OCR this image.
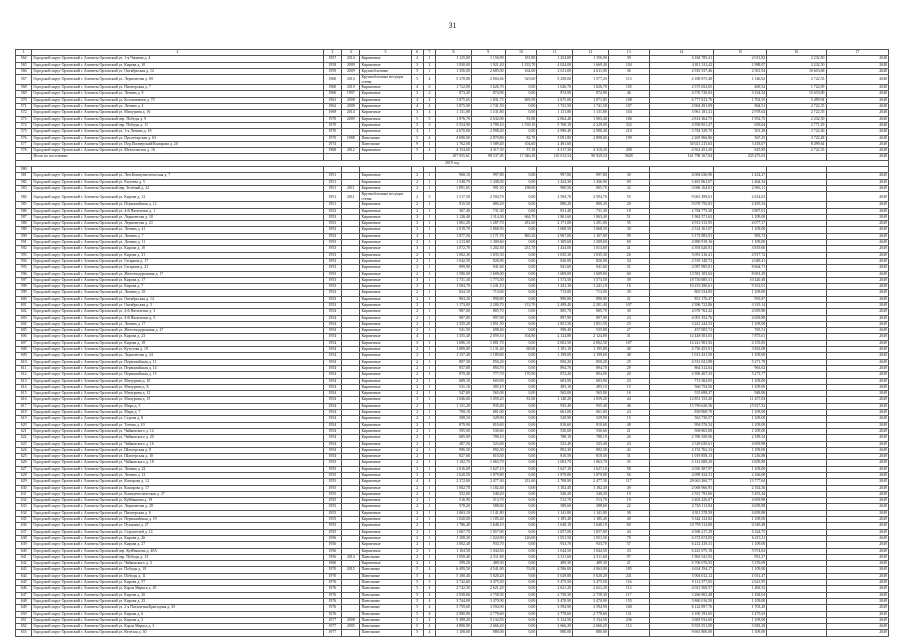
31
1	2	3	4	5	6	7	8	9	10	11	12	13	14	15	16	17
564	Городской округ Орловский г. Апатиты Орловский ул. 1-я Чапаева д. 4	1957	2014	Кирпичные	4	1	1 125,00	1 156,90	181,80	1 254,00	1 156,90	39	4 184 785,41	2 013,82	2 232,50	2048
565	Городской округ Орловский г. Апатиты Орловский ул. Кирова д. 10	1958	2009	Кирпичные	3	2	1 830,00	1 921,20	1 233,70	4 024,00	1 669,40	104	4 011 311,42	1 988,07	2 232,50	2048
566	Городской округ Орловский г. Апатиты Орловский ул. Октябрьская д. 12	1959	2009	Крупноблочные	5	1	1 356,00	2 685,00	164,00	2 611,00	2 611,00	36	2 910 537,46	2 561,94	10 603,68	2048
567	Городской округ Орловский г. Апатиты Орловский ул. Лермонтова д. 69	1960	2014	Крупноблочные несущие стены	5	4	5 378,80	2 004,46	525,60	5 258,00	1 577,20	113	4 188 875,48	1 146,02	2 722,35	2048
568	Городской округ Орловский г. Апатиты Орловский ул. Пионерская д. 7	1960	2010	Кирпичные	4	6	1 722,00	1 626,70	0,00	1 626,70	1 626,70	105	2 575 652,65	469,52	1 722,09	2048
569	Городской округ Орловский г. Апатиты Орловский ул. Ленина д. 8	1960	1997	Кирпичные	3	2	873,20	874,90	0,00	874,90	874,90	46	4 576 720,63	3 234,54	15 633,00	2048
570	Городской округ Орловский г. Апатиты Орловский ул. Космонавтов д. 75	1961	2008	Кирпичные	4	4	1 875,65	1 831,75	695,58	2 675,00	1 871,85	108	6 777 813,70	1 702,55	5 499,94	2048
571	Городской округ Орловский г. Апатиты Орловский ул. Ленина д. 4	1962	2009	Кирпичные	4	4	1 875,00	1 741,50	0,00	1 741,50	1 741,50	107	4 964 491,09	964,51	2 722,35	2048
572	Городской округ Орловский г. Апатиты Орловский ул. Мичурина д. 16	1969	2014	Кирпичные	3	4	1 131,80	1 131,80	0,00	1 131,80	1 131,80	104	3 961 181,41	2 978,64	2 722,35	2048
573	Городской округ Орловский г. Апатиты Орловский пер. Победы д. 9	1970	2009	Кирпичные	5	5	1 976,70	2 632,00	81,80	2 064,40	1 903,40	106	4 814 364,75	1 952,75	2 232,50	2048
574	Городской округ Орловский г. Апатиты Орловский пер. Победы д. 11	1970		Кирпичные	5	3	3 554,90	3 789,10	1 539,10	5 768,10	4 229,00	332	4 958 851,47	659,64	2 771,29	2048
575	Городской округ Орловский г. Апатиты Орловский ул. 1-я Ленина д. 18	1970		Кирпичные	4	1	4 670,00	2 998,40	0,00	2 998,40	2 998,40	210	3 784 329,70	501,28	3 722,46	2048
576	Городской округ Орловский г. Апатиты Орловский ул. Пролетарская д. 63	1970	1988	Панельные	5	4	4 690,00	2 879,80	82,70	3 091,80	2 898,00	199	2 265 966,86	567,25	3 722,28	2048
577	Городской округ Орловский г. Апатиты Орловский ул. Пер.Пионерский/Комарова д. 20	1974		Панельные	9	1	1 762,00	1 589,40	104,60	2 491,60			54 021 215,63	3 418,07	8 499,64	2048
578	Городской округ Орловский г. Апатиты Орловский ул. Металлистов д. 16	1968	2012	Кирпичные	5	4	4 154,60	4 317,30	37,10	4 317,30	4 310,20	208	4 561 451,20	625,85	2 722,35	2048
	Итого по поселению						107 955,61	98 537,05	17 046,38	110 013,54	90 929,54	5828	161 798 167,84	235 475,03		2048
2019 год																
580																
581	Городской округ Орловский г. Апатиты Орловский ул. Лен.Коммунистическая д. 7	1951		Кирпичные	2	1	968,10	997,80	0,00	997,80	997,80	30	4 084 636,90	1 414,27		2049
582	Городской округ Орловский г. Апатиты Орловский ул. Рылеева д. 5	1951		Кирпичные	2	1	1 548,70	1 438,30	0,00	1 424,30	1 436,90	69	3 481 861,07	1 464,34		2049
583	Городской округ Орловский г. Апатиты Орловский пер. Зелёный д. 22	1951	2011	Кирпичные	2	1	1 091,65	901,50	198,00	900,50	905,70	32	3 066 164,01	2 963,11		2049
584	Городской округ Орловский г. Апатиты Орловский ул. Кирова д. 12	1951	2011	Крупноблочные несущие стены	2	5	1 517,50	2 594,70	0,00	2 594,70	2 594,70	55	9 061 499,61	2 614,02		2049
585	Городской округ Орловский г. Апатиты Орловский ул. Первомайская д. 12	1951		Кирпичные	2	1	915,50	880,20	0,00	880,20	880,20	29	9 078 750,81	4 495,54		2049
586	Городской округ Орловский г. Апатиты Орловский ул. 4-й Пятилетки д. 1	1952		Кирпичные	2	1	367,40	731,30	0,00	831,40	731,30	18	2 784 775,30	3 807,01		2049
587	Городской округ Орловский г. Апатиты Орловский ул. Лермонтова д. 10	1953		Кирпичные	3	1	1 126,40	1 114,30	664,70	1 861,60	1 063,40	51	1 962 571,63	1 109,00		2049
588	Городской округ Орловский г. Апатиты Орловский ул. Лермонтова д. 21	1953		Кирпичные	3	1	1 061,20	1 287,70	431,60	2 171,00	1 291,00	35	4 913 313,95	4 077,17		2049
589	Городской округ Орловский г. Апатиты Орловский ул. Ленина д. 41	1953		Кирпичные	3	1	1 019,70	1 068,50	0,00	1 068,50	1 068,50	30	2 514 161,07	1 109,00		2049
590	Городской округ Орловский г. Апатиты Орловский ул. Ленина д. 7	1953		Кирпичные	4	1	1 877,50	1 171,70	865,20	2 967,00	1 107,00	99	5 173 883,91	983,73		2049
591	Городской округ Орловский г. Апатиты Орловский ул. Ленина д. 11	1953		Кирпичные	3	1	1 213,80	1 309,60	0,00	1 309,60	1 309,60	69	4 990 919,16	1 109,00		2049
592	Городской округ Орловский г. Апатиты Орловский ул. Кирова д. 10	1953		Кирпичные	3	1	1 072,70	1 202,30	231,70	1 434,00	1 013,60	41	4 393 620,81	3 819,66		2049
593	Городской округ Орловский г. Апатиты Орловский ул. Кирова д. 31	1953		Кирпичные	2	1	1 002,30	1 035,30	0,00	1 035,30	1 035,30	26	5 091 216,41	4 917,72		2049
594	Городской округ Орловский г. Апатиты Орловский ул. Гагарина д. 17	1953		Кирпичные	2	1	1 042,50	826,90	0,00	826,90	826,90	34	2 519 140,72	2 649,41		2049
595	Городской округ Орловский г. Апатиты Орловский ул. Гагарина д. 21	1953		Кирпичные	2	1	899,90	941,60	0,00	941,60	941,60	31	2 087 895,01	8 664,71		2049
596	Городской округ Орловский г. Апатиты Орловский ул. Железнодорожная д. 17	1953		Кирпичные	2	1	1 580,00	1 609,00	0,00	1 609,00	1 609,00	60	13 581 105,62	8 691,29		2049
597	Городской округ Орловский г. Апатиты Орловский ул. Кирова д. 17	1953		Кирпичные	3	1	1 731,30	1 773,50	0,00	1 573,50	1 573,50	39	18 730 685,31	10 420,48		2049
598	Городской округ Орловский г. Апатиты Орловский ул. Кирова д. 7	1953		Кирпичные	3	1	1 563,70	1 241,10	0,00	1 241,10	1 241,10	16	10 233 290,61	9 331,01		2049
599	Городской округ Орловский г. Апатиты Орловский ул. Ленина д. 35	1953		Кирпичные	2	1	824,10	713,00	0,00	713,00	713,00	39	865 534,83	1 109,00		2049
600	Городской округ Орловский г. Апатиты Орловский ул. Октябрьская д. 14	1953		Кирпичные	2	1	963,20	890,80	0,00	890,80	890,80	31	851 176,47	955,87		2049
601	Городской округ Орловский г. Апатиты Орловский ул. Октябрьская д. 3	1953		Кирпичные	3	1	1 173,00	2 200,70	133,70	2 499,40	2 201,40	107	2 396 722,86	3 319,14		2049
602	Городской округ Орловский г. Апатиты Орловский ул. 4-й Пятилетки д. 3	1954		Кирпичные	2	1	987,00	885,70	0,00	885,70	885,70	30	4 078 762,42	4 659,88		2049
603	Городской округ Орловский г. Апатиты Орловский ул. 4-й Пятилетки д. 5	1954		Кирпичные	2	1	987,00	897,90	0,00	897,90	897,90	23	4 091 352,76	4 659,88		2049
604	Городской округ Орловский г. Апатиты Орловский ул. Ленина д. 17	1954		Кирпичные	2	1	1 335,20	1 851,50	0,00	1 851,50	1 851,50	25	3 241 244,53	1 109,00		2049
605	Городской округ Орловский г. Апатиты Орловский ул. Железнодорожная д. 27	1954		Кирпичные	2	1	541,50	698,40	0,00	598,40	535,80	27	457 005,72	765,51		2049
606	Городской округ Орловский г. Апатиты Орловский ул. Кирова д. 23	1954		Кирпичные	4	1	1 355,40	2 059,10	104,80	2 124,80	2 124,80	31	14 448 503,05	7 875,61		2049
607	Городской округ Орловский г. Апатиты Орловский ул. Кирова д. 18	1954		Кирпичные	3	1	1 086,10	1 801,70	0,00	2 002,50	2 002,50	107	14 241 903,92	4 155,05		2049
608	Городской округ Орловский г. Апатиты Орловский ул. Кутузова д. 19	1954		Кирпичные	2	1	1 889,00	1 131,40	68,00	1 181,10	1 195,80	40	4 750 453,91	3 823,08		2049
609	Городской округ Орловский г. Апатиты Орловский ул. Лермонтова д. 24	1954		Кирпичные	2	1	1 157,40	1 189,60	0,00	1 199,00	1 199,60	48	1 013 431,50	1 109,00		2049
610	Городской округ Орловский г. Апатиты Орловский ул. Первомайская д. 11	1954		Кирпичные	2	1	897,30	850,20	0,00	850,20	850,20	25	4 531 041,88	5 271,79		2049
611	Городской округ Орловский г. Апатиты Орловский ул. Первомайская д. 14	1954		Кирпичные	2	1	957,80	894,70	0,00	894,70	894,70	29	864 312,64	963,62		2049
612	Городской округ Орловский г. Апатиты Орловский ул. Первомайская д. 15	1954		Кирпичные	2	1	879,40	777,70	170,50	874,20	804,00	20	4 396 467,33	5 273,77		2049
613	Городской округ Орловский г. Апатиты Орловский ул. Мичурина д. 10	1954		Кирпичные	2	1	689,10	603,90	0,00	603,90	603,90	23	713 304,05	1 109,00		2049
614	Городской округ Орловский г. Апатиты Орловский ул. Мичурина д. 8	1954		Кирпичные	2	1	531,10	495,10	0,00	495,10	495,10	15	566 754,56	1 109,00		2049
615	Городской округ Орловский г. Апатиты Орловский ул. Мичурина д. 12	1954		Кирпичные	2	1	547,00	565,00	0,00	565,00	565,00	16	535 698,37	948,06		2049
616	Городской округ Орловский г. Апатиты Орловский ул. Мичурина д. 15	1954		Кирпичные	3	1	1 046,60	1 059,20	81,00	1 140,20	1 059,20	44	12 851 153,20	11 457,02		2049
617	Городской округ Орловский г. Апатиты Орловский ул. Мира д. 3	1954		Кирпичные	2	1	1 131,20	935,40	0,00	935,40	935,40	46	15 796 620,56	15 917,32		2049
618	Городской округ Орловский г. Апатиты Орловский ул. Мира д. 7	1954		Кирпичные	2	1	708,10	661,00	0,00	661,00	661,00	24	838 868,70	1 109,00		2049
619	Городской округ Орловский г. Апатиты Орловский ул. Строна д. 8	1954		Кирпичные	2	1	588,10	529,90	0,00	529,90	529,90	15	563 730,57	1 109,00		2049
620	Городской округ Орловский г. Апатиты Орловский ул. Титова д. 10	1954		Кирпичные	2	1	879,90	810,60	0,00	810,60	810,60	48	994 576,54	1 109,00		2049
621	Городской округ Орловский г. Апатиты Орловский ул. Чайковского д. 12	1954		Кирпичные	2	1	595,00	530,60	0,00	530,60	530,60	21	568 863,08	1 109,00		2049
622	Городской округ Орловский г. Апатиты Орловский ул. Чайковского д. 20	1954		Кирпичные	2	1	685,80	788,10	0,00	788,10	788,10	26	2 786 350,06	2 189,54		2049
623	Городской округ Орловский г. Апатиты Орловский ул. Чайковского д. 16	1954		Кирпичные	2	1	487,50	523,40	0,00	523,40	523,40	23	2 529 630,61	4 659,88		2049
624	Городской округ Орловский г. Апатиты Орловский ул. Шахтерская д. 8	1954		Кирпичные	2	1	996,50	892,30	0,00	892,30	892,30	42	4 153 762,33	1 109,00		2049
625	Городской округ Орловский г. Апатиты Орловский ул. Шахтерская д. 10	1954		Кирпичные	2	1	827,60	810,50	0,00	810,50	810,50	31	1 019 858,13	1 216,88		2049
626	Городской округ Орловский г. Апатиты Орловский ул. Чайковского д. 18	1955		Кирпичные	2	1	1 102,70	1 063,70	0,00	1 063,70	1 063,70	35	5 141 688,20	4 659,88		2049
627	Городской округ Орловский г. Апатиты Орловский ул. Ленина д. 22	1955		Кирпичные	3	1	1 616,00	1 627,10	0,00	1 627,10	1 627,10	58	2 030 487,97	1 109,00		2049
628	Городской округ Орловский г. Апатиты Орловский ул. Ленина д. 12	1955		Кирпичные	3	1	1 620,50	1 879,80	0,00	1 879,80	1 879,80	56	4 098 434,31	2 166,00		2049
629	Городской округ Орловский г. Апатиты Орловский ул. Комарова д. 12	1955		Кирпичные	4	4	2 372,00	2 477,30	231,60	2 708,90	2 477,30	117	29 065 260,77	13 777,64		2049
630	Городской округ Орловский г. Апатиты Орловский ул. Комарова д. 17	1955		Кирпичные	2	1	1 002,70	1 182,40	0,00	1 182,40	1 182,40	49	2 068 966,95	2 192,56		2049
631	Городской округ Орловский г. Апатиты Орловский ул. Коммунистическая д. 27	1955		Кирпичные	2	1	552,00	540,20	0,00	540,20	540,20	19	2 551 793,66	5 455,44		2049
632	Городской округ Орловский г. Апатиты Орловский ул. Куйбышева д. 19	1955		Кирпичные	2	1	516,90	513,70	0,00	513,70	513,70	19	2 403 426,07	4 659,88		2049
633	Городской округ Орловский г. Апатиты Орловский ул. Лермонтова д. 28	1955		Кирпичные	2	1	578,20	588,60	0,00	588,60	588,60	22	2 745 112,84	4 659,88		2049
634	Городской округ Орловский г. Апатиты Орловский ул. Пионерская д. 6	1955		Кирпичные	2	1	1 063,10	1 141,80	0,00	1 141,80	1 141,80	38	4 911 578,59	4 659,88		2049
635	Городской округ Орловский г. Апатиты Орловский ул. Первомайская д. 19	1955		Кирпичные	2	1	1 020,00	1 185,40	0,00	1 185,40	1 185,40	40	5 344 122,82	1 109,00		2049
636	Городской округ Орловский г. Апатиты Орловский ул. Пушкина д. 27	1955		Кирпичные	2	1	1 786,40	1 648,10	0,00	1 648,10	1 648,10	60	10 795 112,80	6 549,48		2049
637	Городской округ Орловский г. Апатиты Орловский ул. Строителей д. 14	1955		Кирпичные	2	1	1 067,70	1 057,00	0,00	1 057,00	1 057,00	44	4 568 217,29	4 324,75		2049
638	Городской округ Орловский г. Апатиты Орловский ул. Кирова д. 26	1956		Кирпичные	3	1	1 108,20	1 024,90	126,60	1 051,50	1 051,50	70	6 372 674,05	6 213,11		2049
639	Городской округ Орловский г. Апатиты Орловский ул. Кирова д. 27	1956		Кирпичные	2	1	1 002,40	933,70	0,00	933,70	933,70	37	6 212 419,31	1 109,00		2049
640	Городской округ Орловский г. Апатиты Орловский пер. Куйбышева д. 40А	1956		Кирпичные	2	1	1 104,50	1 044,50	0,00	1 044,50	1 044,50	33	6 241 075,18	5 974,63		2049
641	Городской округ Орловский г. Апатиты Орловский пер. Победы д. 13	1956	2014	Панельные	2	1	1 058,40	2 311,60	0,00	2 311,60	2 311,60	97	1 963 541,92	951,27		2049
642	Городской округ Орловский г. Апатиты Орловский ул. Чайковского д. 3	1960		Кирпичные	2	1	599,20	489,30	0,00	489,30	489,30	21	6 706 076,55	5 376,09		2049
643	Городской округ Орловский г. Апатиты Орловский ул. Победы д. 19	1970	2015	Панельные	5	4	6 499,50	4 541,00	55,00	4 596,00	4 063,00	185	4 634 194,17	1 109,00		2049
644	Городской округ Орловский г. Апатиты Орловский ул. Победы д. 11	1970		Панельные	5	4	5 108,40	5 020,20	9,60	5 029,80	5 020,20	241	5 004 612,12	1 031,47		2049
645	Городской округ Орловский г. Апатиты Орловский ул. Кирова д. 57	1976		Панельные	5	3	3 742,60	3 475,50	0,00	3 475,50	3 475,50	116	9 112 577,65	2 621,95		2049
646	Городской округ Орловский г. Апатиты Орловский ул. Карла Маркса д. 10	1976		Панельные	5	4	2 742,30	2 621,20	0,00	2 621,20	2 621,20	112	4 021 569,57	1 469,52		2049
647	Городской округ Орловский г. Апатиты Орловский ул. Кирова д. 26	1976		Панельные	5	4	2 958,80	2 758,30	0,00	2 758,30	2 758,30	117	3 266 065,48	1 184,04		2049
648	Городской округ Орловский г. Апатиты Орловский ул. Кирова д. 25	1976		Панельные	5	4	3 744,00	3 470,90	0,00	3 470,90	3 470,90	155	3 860 016,50	1 109,00		2049
649	Городской округ Орловский г. Апатиты Орловский ул. 2-я Пятилетки/Бригадная д. 35	1976		Панельные	5	4	3 759,60	3 594,90	0,00	3 594,90	3 594,90	160	6 122 897,76	1 703,20		2049
650	Городской округ Орловский г. Апатиты Орловский ул. Кирова д. 6	1976		Панельные	5	4	2 980,00	2 778,60	0,00	2 778,60	2 778,60	131	4 100 193,65	1 475,63		2049
651	Городской округ Орловский г. Апатиты Орловский ул. Кирова д. 3	1977	2008	Панельные	5	4	5 388,20	5 134,50	0,00	5 134,50	5 134,50	236	5 683 934,00	1 109,00		2049
652	Городской округ Орловский г. Апатиты Орловский ул. Карла Маркса д. 3	1977	2005	Панельные	5	4	4 890,00	2 666,20	0,00	2 666,20	2 666,20	112	9 553 551,00	3 583,29		2049
653	Городской округ Орловский г. Апатиты Орловский ул. Весёлая д. 30	1977		Панельные	5	4	1 108,00	880,00	0,00	880,00	880,00		9 661 800,00	1 109,00		2049
